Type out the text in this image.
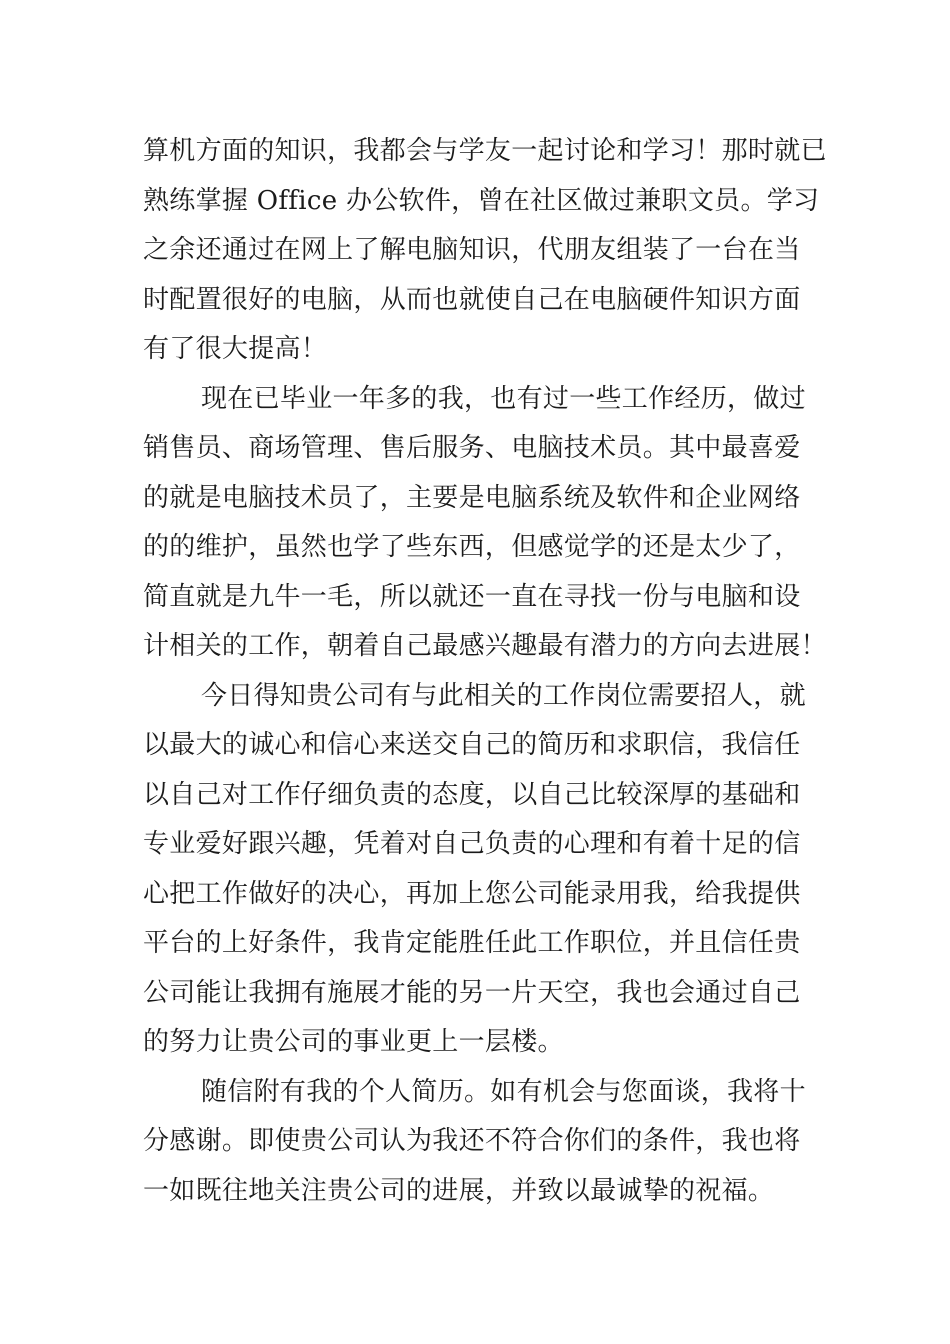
算机方面的知识，我都会与学友一起讨论和学习！那时就已
熟练掌握 Office 办公软件，曾在社区做过兼职文员。学习
之余还通过在网上了解电脑知识，代朋友组装了一台在当
时配置很好的电脑，从而也就使自己在电脑硬件知识方面
有了很大提高！
现在已毕业一年多的我，也有过一些工作经历，做过
销售员、商场管理、售后服务、电脑技术员。其中最喜爱
的就是电脑技术员了，主要是电脑系统及软件和企业网络
的的维护，虽然也学了些东西，但感觉学的还是太少了，
简直就是九牛一毛，所以就还一直在寻找一份与电脑和设
计相关的工作，朝着自己最感兴趣最有潜力的方向去进展！
今日得知贵公司有与此相关的工作岗位需要招人，就
以最大的诚心和信心来送交自己的简历和求职信，我信任
以自己对工作仔细负责的态度，以自己比较深厚的基础和
专业爱好跟兴趣，凭着对自己负责的心理和有着十足的信
心把工作做好的决心，再加上您公司能录用我，给我提供
平台的上好条件，我肯定能胜任此工作职位，并且信任贵
公司能让我拥有施展才能的另一片天空，我也会通过自己
的努力让贵公司的事业更上一层楼。
随信附有我的个人简历。如有机会与您面谈，我将十
分感谢。即使贵公司认为我还不符合你们的条件，我也将
一如既往地关注贵公司的进展，并致以最诚挚的祝福。
